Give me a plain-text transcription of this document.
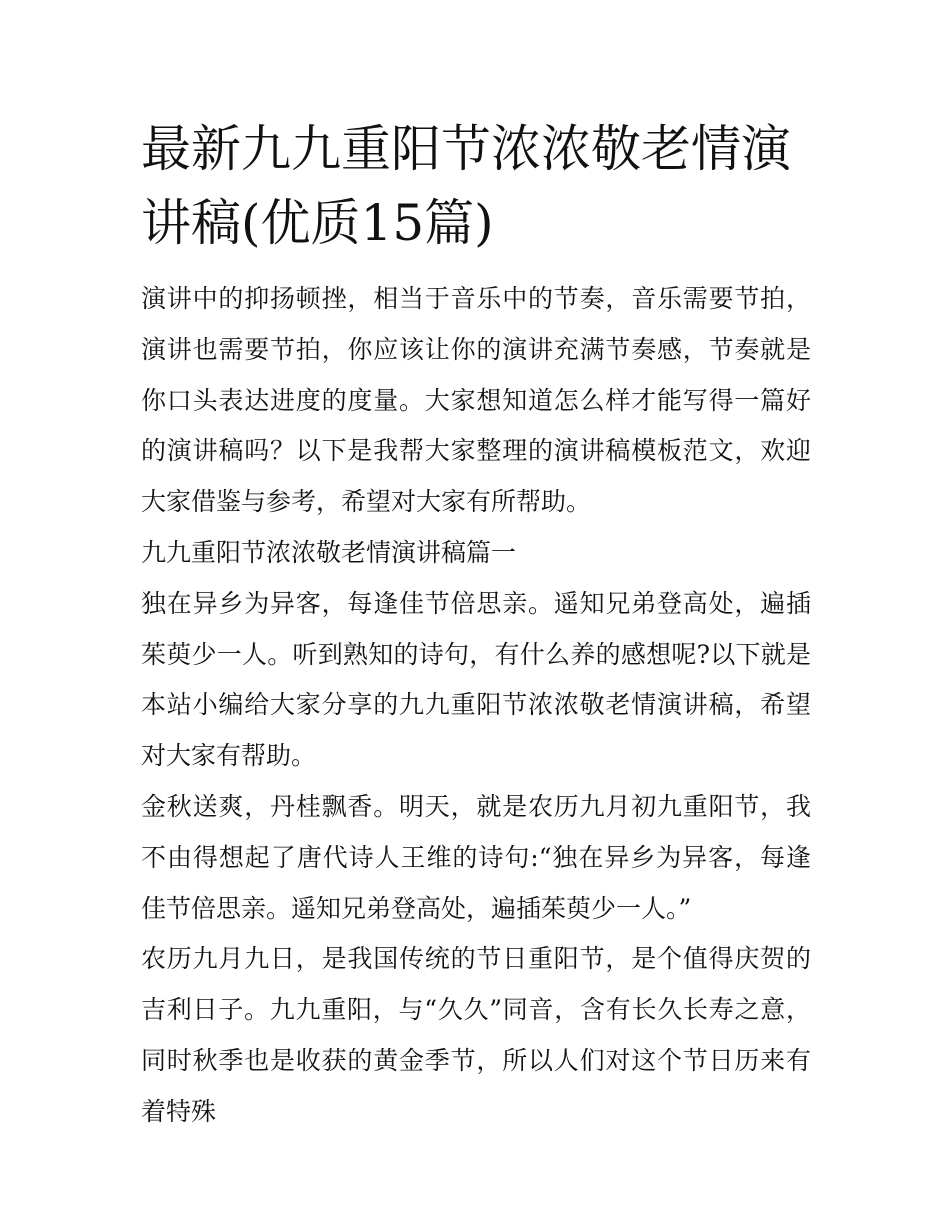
最新九九重阳节浓浓敬老情演讲稿(优质15篇)

演讲中的抑扬顿挫，相当于音乐中的节奏，音乐需要节拍，演讲也需要节拍，你应该让你的演讲充满节奏感，节奏就是你口头表达进度的度量。大家想知道怎么样才能写得一篇好的演讲稿吗？以下是我帮大家整理的演讲稿模板范文，欢迎大家借鉴与参考，希望对大家有所帮助。

九九重阳节浓浓敬老情演讲稿篇一

独在异乡为异客，每逢佳节倍思亲。遥知兄弟登高处，遍插茱萸少一人。听到熟知的诗句，有什么养的感想呢?以下就是本站小编给大家分享的九九重阳节浓浓敬老情演讲稿，希望对大家有帮助。

金秋送爽，丹桂飘香。明天，就是农历九月初九重阳节，我不由得想起了唐代诗人王维的诗句:“独在异乡为异客，每逢佳节倍思亲。遥知兄弟登高处，遍插茱萸少一人。”

农历九月九日，是我国传统的节日重阳节，是个值得庆贺的吉利日子。九九重阳，与“久久”同音，含有长久长寿之意，同时秋季也是收获的黄金季节，所以人们对这个节日历来有着特殊
